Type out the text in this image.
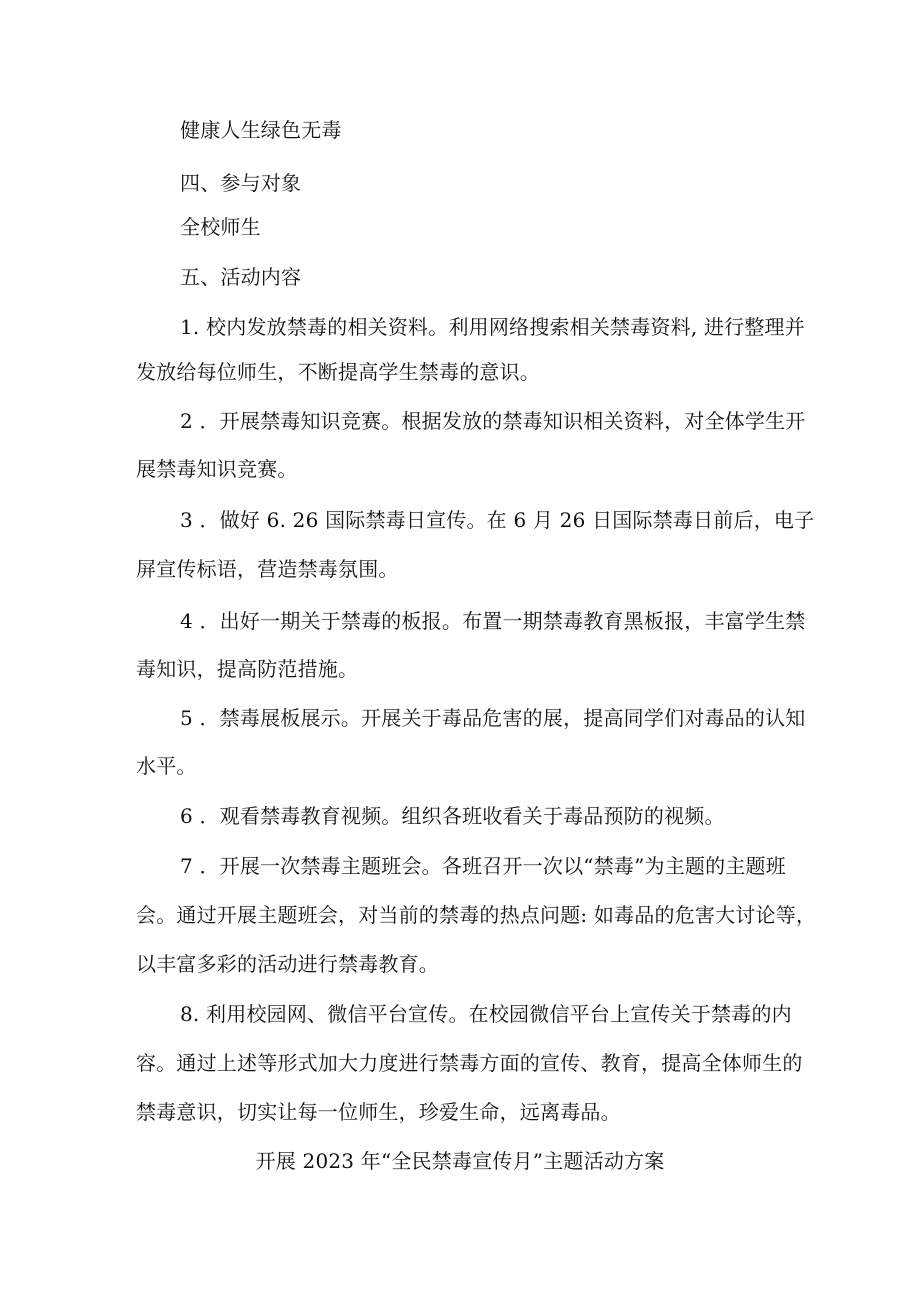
健康人生绿色无毒
四、参与对象
全校师生
五、活动内容
1. 校内发放禁毒的相关资料。利用网络搜索相关禁毒资料, 进行整理并
发放给每位师生，不断提高学生禁毒的意识。
2 ．开展禁毒知识竞赛。根据发放的禁毒知识相关资料，对全体学生开
展禁毒知识竞赛。
3 ．做好 6. 26 国际禁毒日宣传。在 6 月 26 日国际禁毒日前后，电子
屏宣传标语，营造禁毒氛围。
4 ．出好一期关于禁毒的板报。布置一期禁毒教育黑板报，丰富学生禁
毒知识，提高防范措施。
5 ．禁毒展板展示。开展关于毒品危害的展，提高同学们对毒品的认知
水平。
6 ．观看禁毒教育视频。组织各班收看关于毒品预防的视频。
7 ．开展一次禁毒主题班会。各班召开一次以“禁毒”为主题的主题班
会。通过开展主题班会，对当前的禁毒的热点问题: 如毒品的危害大讨论等，
以丰富多彩的活动进行禁毒教育。
8. 利用校园网、微信平台宣传。在校园微信平台上宣传关于禁毒的内
容。通过上述等形式加大力度进行禁毒方面的宣传、教育，提高全体师生的
禁毒意识，切实让每一位师生，珍爱生命，远离毒品。
开展 2023 年“全民禁毒宣传月”主题活动方案
